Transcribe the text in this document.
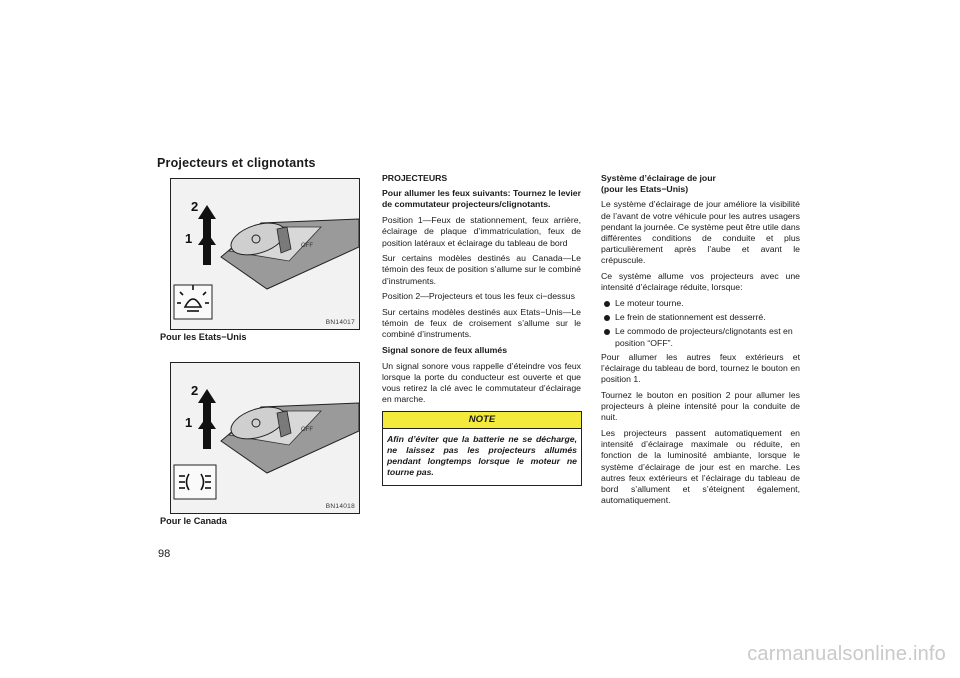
Projecteurs et clignotants
OFF
2
1
BN14017
Pour les Etats−Unis
OFF
2
1
BN14018
Pour le Canada
98

PROJECTEURS

Pour allumer les feux suivants: Tournez le levier de commutateur projecteurs/clignotants.

Position 1—Feux de stationnement, feux arrière, éclairage de plaque d’immatriculation, feux de position latéraux et éclairage du tableau de bord

Sur certains modèles destinés au Canada—Le témoin des feux de position s’allume sur le combiné d’instruments.

Position 2—Projecteurs et tous les feux ci−dessus

Sur certains modèles destinés aux Etats−Unis—Le témoin de feux de croisement s’allume sur le combiné d’instruments.

Signal sonore de feux allumés

Un signal sonore vous rappelle d’éteindre vos feux lorsque la porte du conducteur est ouverte et que vous retirez la clé avec le commutateur d’éclairage en marche.

NOTE
Afin d’éviter que la batterie ne se décharge, ne laissez pas les projecteurs allumés pendant longtemps lorsque le moteur ne tourne pas.

Système d’éclairage de jour
(pour les Etats−Unis)

Le système d’éclairage de jour améliore la visibilité de l’avant de votre véhicule pour les autres usagers pendant la journée. Ce système peut être utile dans différentes conditions de conduite et plus particulièrement après l’aube et avant le crépuscule.

Ce système allume vos projecteurs avec une intensité d’éclairage réduite, lorsque:

Le moteur tourne.
Le frein de stationnement est desserré.
Le commodo de projecteurs/clignotants est en position “OFF”.

Pour allumer les autres feux extérieurs et l’éclairage du tableau de bord, tournez le bouton en position 1.

Tournez le bouton en position 2 pour allumer les projecteurs à pleine intensité pour la conduite de nuit.

Les projecteurs passent automatiquement en intensité d’éclairage maximale ou réduite, en fonction de la luminosité ambiante, lorsque le système d’éclairage de jour est en marche. Les autres feux extérieurs et l’éclairage du tableau de bord s’allument et s’éteignent également, automatiquement.

carmanualsonline.info
